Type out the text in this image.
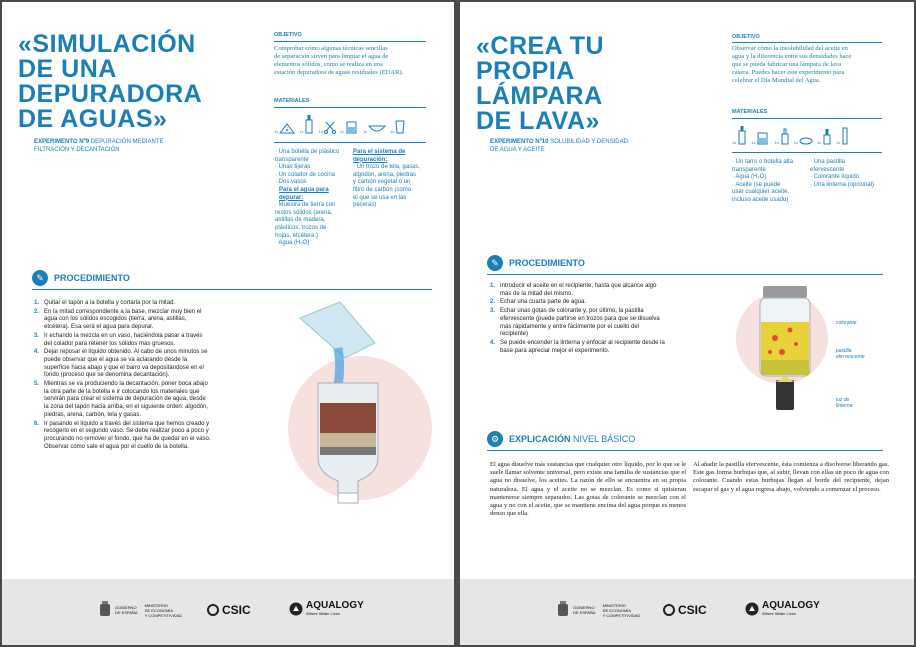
«SIMULACIÓN
DE UNA
DEPURADORA
DE AGUAS»
EXPERIMENTO Nº9 DEPURACIÓN MEDIANTE
FILTRACIÓN Y DECANTACIÓN
OBJETIVO
Comprobar cómo algunas técnicas sencillas
de separación sirven para limpiar el agua de
elementos sólidos, como se realiza en una
estación depuradora de aguas residuales (EDAR).
MATERIALES
1x	1x	1x	1x	1x	1x
· Una botella de plástico
transparente
· Unas tijeras
· Un colador de cocina
· Dos vasos
Para el agua para
depurar:
· Muestra de tierra con
restos sólidos (arena,
astillas de madera,
plásticos, trozos de
hojas, etcétera.)
· Agua (H₂O)
Para el sistema de
depuración:
· Un trozo de tela, gasas,
algodón, arena, piedras
y carbón vegetal o un
filtro de carbón (como
el que se usa en las
peceras)
✎	PROCEDIMIENTO
1. Quitar el tapón a la botella y cortarla por la mitad.
2. En la mitad correspondiente a la base, mezclar muy bien el agua con los sólidos escogidos (tierra, arena, astillas, etcétera). Esa será el agua para depurar.
3. Ir echando la mezcla en un vaso, haciéndola pasar a través del colador para retener los sólidos más gruesos.
4. Dejar reposar el líquido obtenido. Al cabo de unos minutos se puede observar que el agua se va aclarando desde la superficie hacia abajo y que el barro va depositándose en el fondo (proceso que se denomina decantación).
5. Mientras se va produciendo la decantación, poner boca abajo la otra parte de la botella e ir colocando los materiales que servirán para crear el sistema de depuración de agua, desde la zona del tapón hacia arriba, en el siguiente orden: algodón, piedras, arena, carbón, tela y gasas.
6. Ir pasando el líquido a través del sistema que hemos creado y recogerlo en el segundo vaso. Se debe realizar poco a poco y procurando no remover el fondo, que ha de quedar en el vaso. Observar cómo sale el agua por el cuello de la botella.
GOBIERNO
DE ESPAÑA
MINISTERIO
DE ECONOMÍA
Y COMPETITIVIDAD	CSIC	AQUALOGY
Where Water Lives
«CREA TU
PROPIA
LÁMPARA
DE LAVA»
EXPERIMENTO Nº10 SOLUBILIDAD Y DENSIDAD
DE AGUA Y ACEITE
OBJETIVO
Observar cómo la insolubilidad del aceite en
agua y la diferencia entre sus densidades hace
que se pueda fabricar una lámpara de lava
casera. Puedes hacer este experimento para
celebrar el Día Mundial del Agua.
MATERIALES
1x	1x	1x	1x	1x	1x
· Un tarro o botella alta
transparente
· Agua (H₂O)
· Aceite (se puede
usar cualquier aceite,
incluso aceite usado)
· Una pastilla
efervescente
· Colorante líquido
· Una linterna (opcional)
✎	PROCEDIMIENTO
1. Introducir el aceite en el recipiente, hasta que alcance algo más de la mitad del mismo.
2. Echar una cuarta parte de agua.
3. Echar unas gotas de colorante y, por último, la pastilla efervescente (puede partirse en trozos para que se disuelva más rápidamente y entre fácilmente por el cuello del recipiente)
4. Se puede encender la linterna y enfocar al recipiente desde la base para apreciar mejor el experimento.
colorante
pastilla
efervescente
luz de
linterna
⚙	EXPLICACIÓN NIVEL BÁSICO
El agua disuelve más sustancias que cualquier otro líquido, por lo que se le suele llamar solvente universal, pero existe una familia de sustancias que el agua no disuelve, los aceites. La razón de ello se encuentra en su propia naturaleza. El agua y el aceite no se mezclan. Es como si quisieran mantenerse siempre separados. Las gotas de colorante se mezclan con el agua y no con el aceite, que se mantiene encima del agua porque es menos denso que ella.
Al añadir la pastilla efervescente, ésta comienza a disolverse liberando gas. Este gas forma burbujas que, al subir, llevan con ellas un poco de agua con colorante. Cuando estas burbujas llegan al borde del recipiente, dejan escapar el gas y el agua regresa abajo, volviendo a comenzar el proceso.
GOBIERNO
DE ESPAÑA
MINISTERIO
DE ECONOMÍA
Y COMPETITIVIDAD	CSIC	AQUALOGY
Where Water Lives
